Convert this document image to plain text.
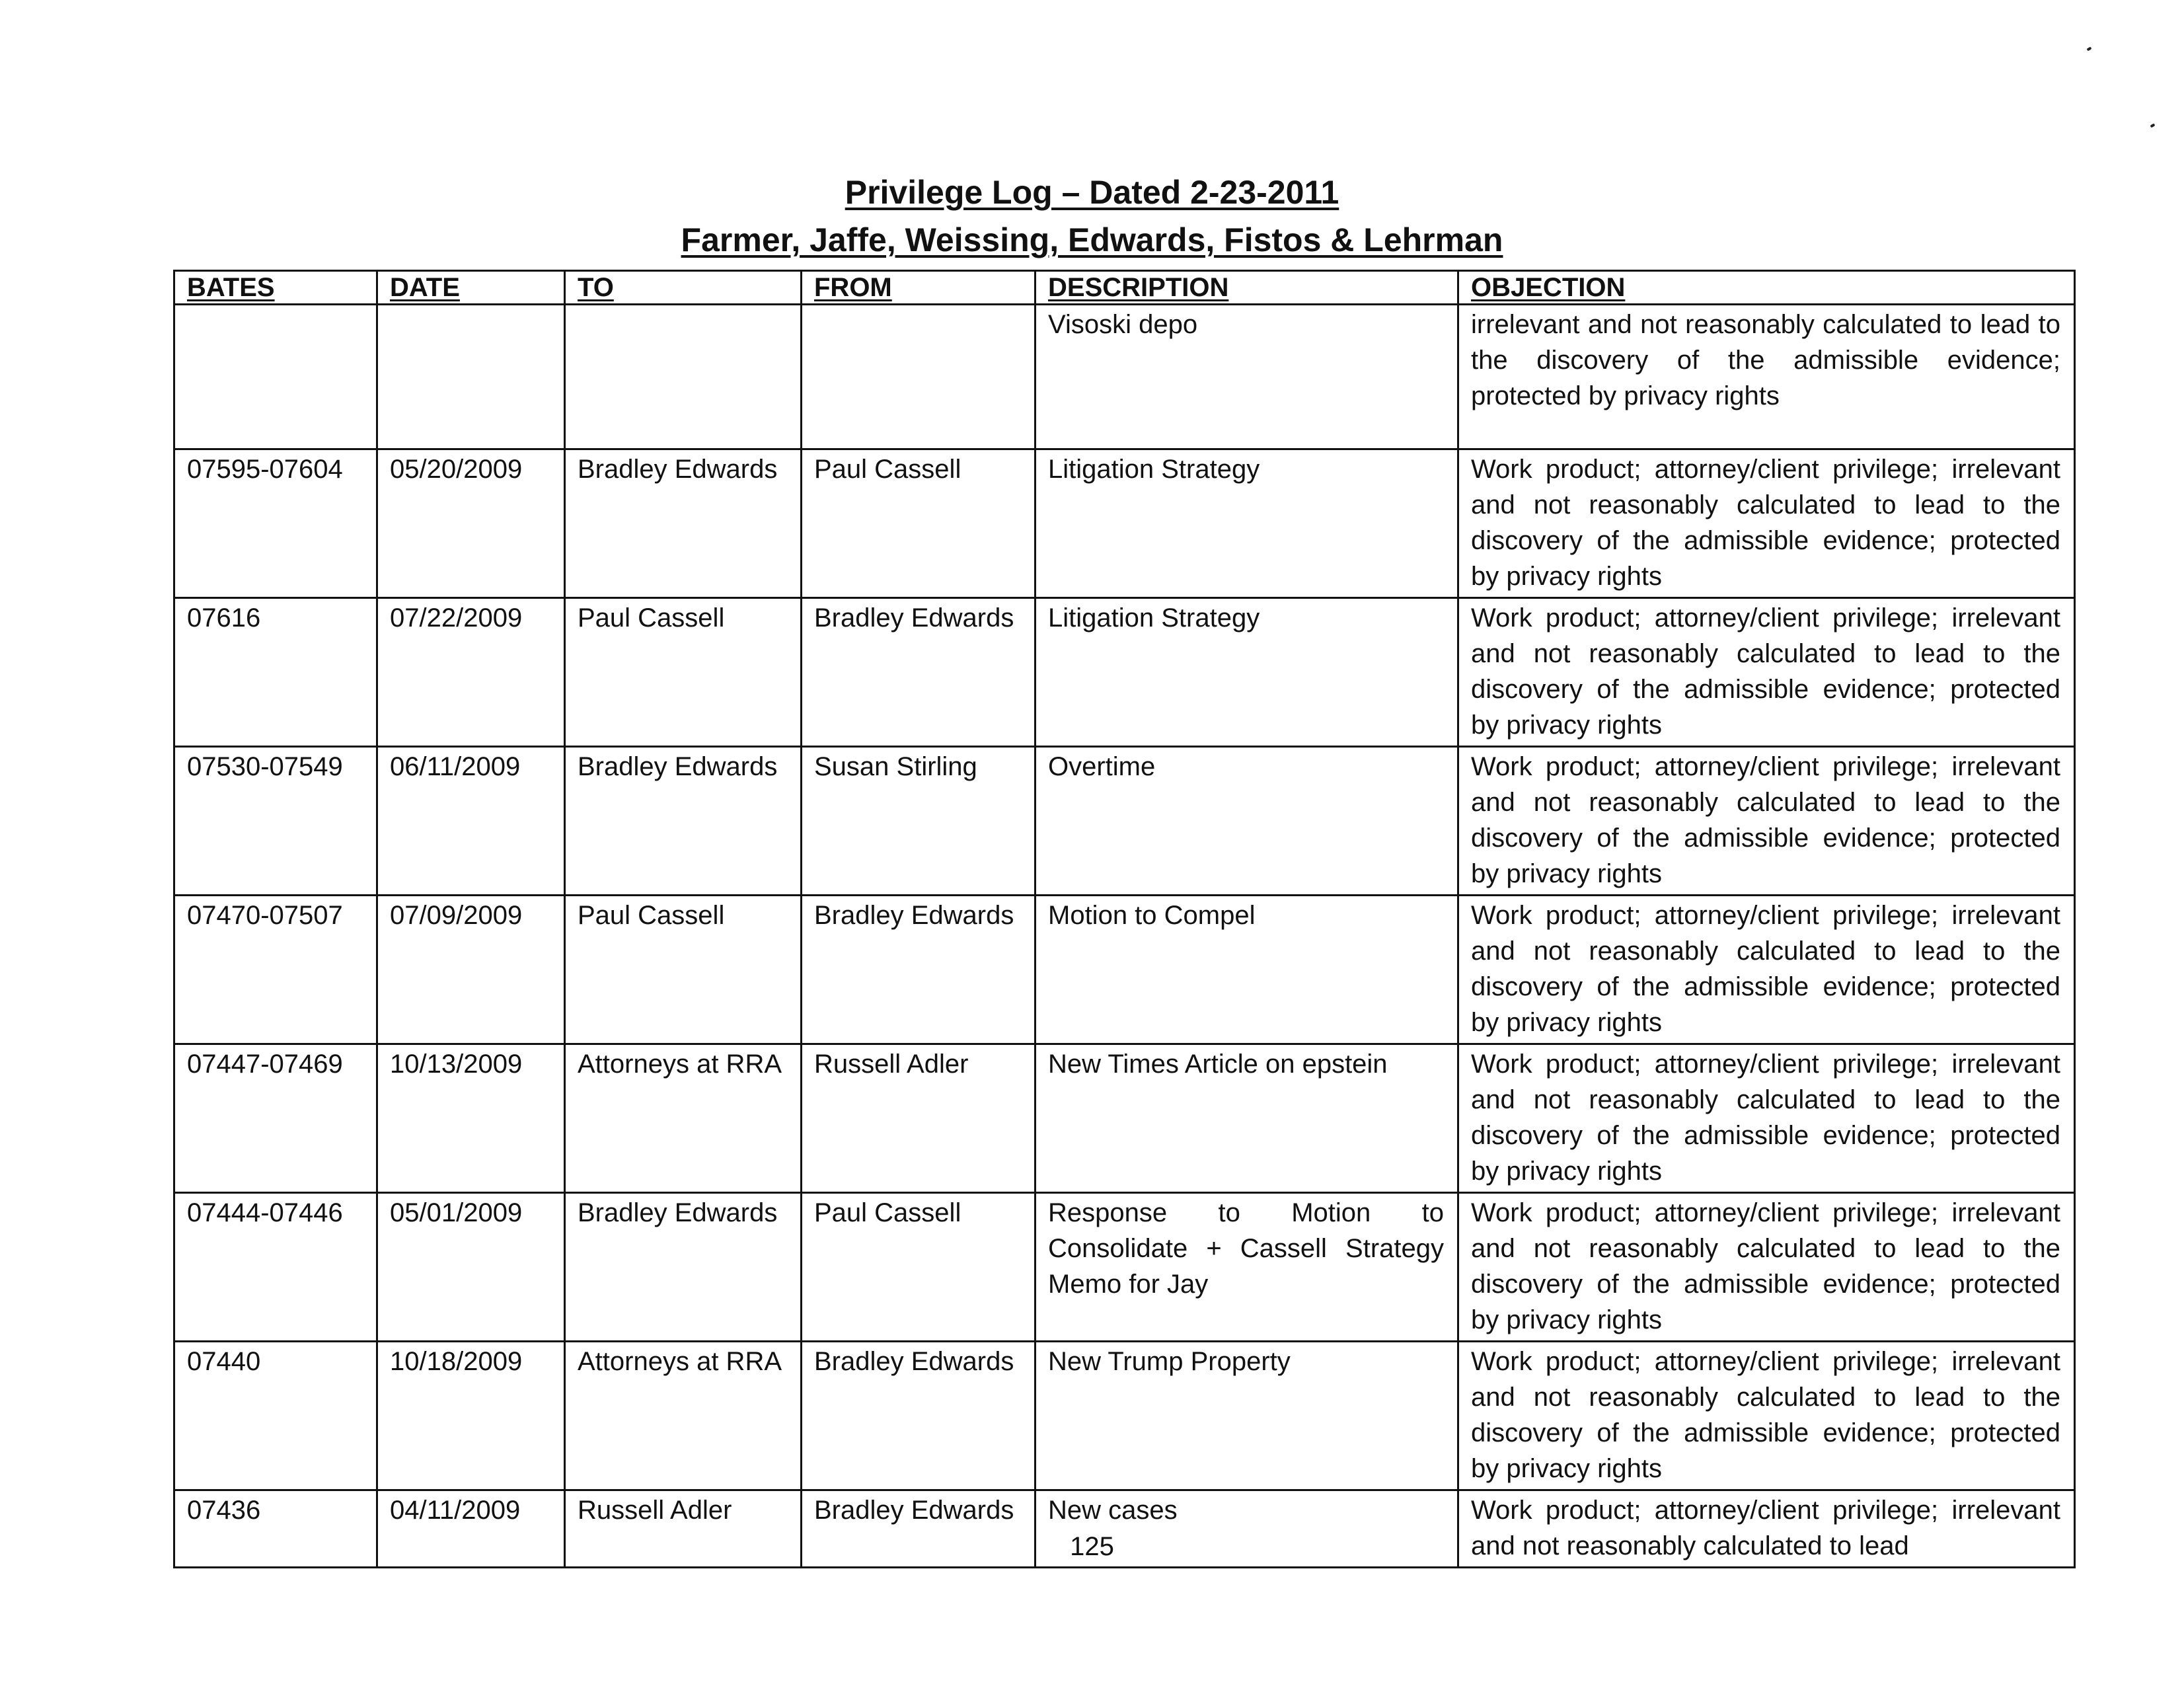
Privilege Log – Dated 2-23-2011
Farmer, Jaffe, Weissing, Edwards, Fistos & Lehrman
BATES	DATE	TO	FROM	DESCRIPTION	OBJECTION
				Visoski depo	irrelevant and not reasonably calculated to lead to the discovery of the admissible evidence; protected by privacy rights
07595-07604	05/20/2009	Bradley Edwards	Paul Cassell	Litigation Strategy	Work product; attorney/client privilege; irrelevant and not reasonably calculated to lead to the discovery of the admissible evidence; protected by privacy rights
07616	07/22/2009	Paul Cassell	Bradley Edwards	Litigation Strategy	Work product; attorney/client privilege; irrelevant and not reasonably calculated to lead to the discovery of the admissible evidence; protected by privacy rights
07530-07549	06/11/2009	Bradley Edwards	Susan Stirling	Overtime	Work product; attorney/client privilege; irrelevant and not reasonably calculated to lead to the discovery of the admissible evidence; protected by privacy rights
07470-07507	07/09/2009	Paul Cassell	Bradley Edwards	Motion to Compel	Work product; attorney/client privilege; irrelevant and not reasonably calculated to lead to the discovery of the admissible evidence; protected by privacy rights
07447-07469	10/13/2009	Attorneys at RRA	Russell Adler	New Times Article on epstein	Work product; attorney/client privilege; irrelevant and not reasonably calculated to lead to the discovery of the admissible evidence; protected by privacy rights
07444-07446	05/01/2009	Bradley Edwards	Paul Cassell	Response to Motion to Consolidate + Cassell Strategy Memo for Jay	Work product; attorney/client privilege; irrelevant and not reasonably calculated to lead to the discovery of the admissible evidence; protected by privacy rights
07440	10/18/2009	Attorneys at RRA	Bradley Edwards	New Trump Property	Work product; attorney/client privilege; irrelevant and not reasonably calculated to lead to the discovery of the admissible evidence; protected by privacy rights
07436	04/11/2009	Russell Adler	Bradley Edwards	New cases	Work product; attorney/client privilege; irrelevant and not reasonably calculated to lead
125
